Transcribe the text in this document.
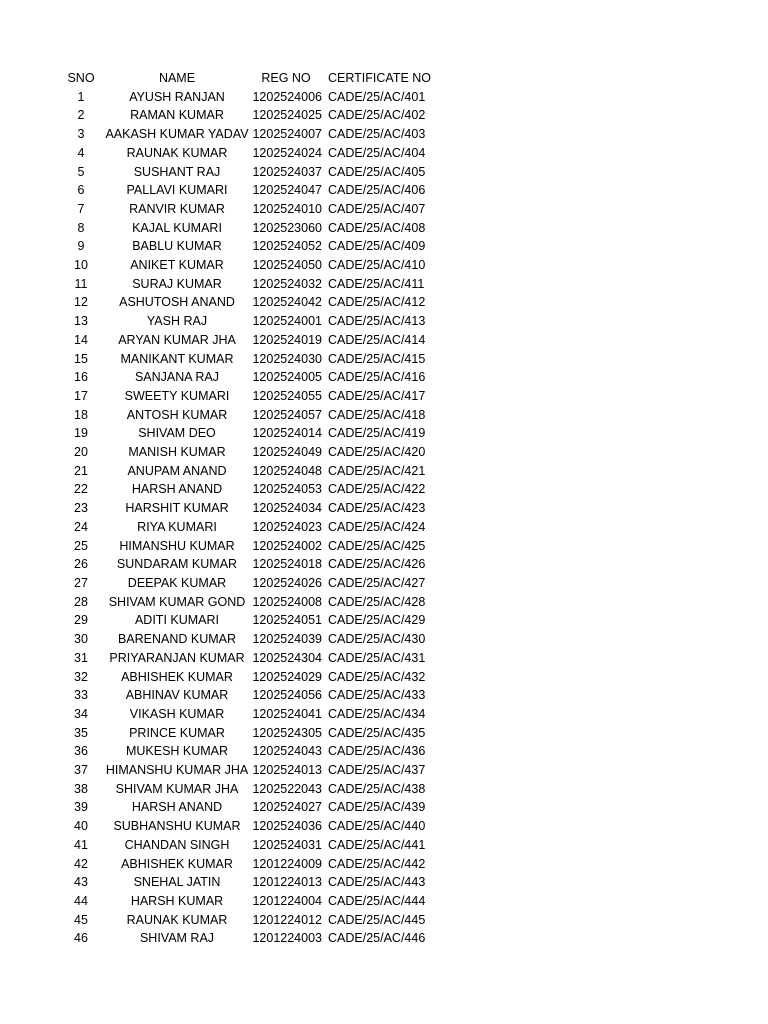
SNO	NAME	REG NO	CERTIFICATE NO
1	AYUSH RANJAN	1202524006	CADE/25/AC/401
2	RAMAN KUMAR	1202524025	CADE/25/AC/402
3	AAKASH KUMAR YADAV	1202524007	CADE/25/AC/403
4	RAUNAK KUMAR	1202524024	CADE/25/AC/404
5	SUSHANT RAJ	1202524037	CADE/25/AC/405
6	PALLAVI KUMARI	1202524047	CADE/25/AC/406
7	RANVIR KUMAR	1202524010	CADE/25/AC/407
8	KAJAL KUMARI	1202523060	CADE/25/AC/408
9	BABLU KUMAR	1202524052	CADE/25/AC/409
10	ANIKET KUMAR	1202524050	CADE/25/AC/410
11	SURAJ KUMAR	1202524032	CADE/25/AC/411
12	ASHUTOSH ANAND	1202524042	CADE/25/AC/412
13	YASH RAJ	1202524001	CADE/25/AC/413
14	ARYAN KUMAR JHA	1202524019	CADE/25/AC/414
15	MANIKANT KUMAR	1202524030	CADE/25/AC/415
16	SANJANA RAJ	1202524005	CADE/25/AC/416
17	SWEETY KUMARI	1202524055	CADE/25/AC/417
18	ANTOSH KUMAR	1202524057	CADE/25/AC/418
19	SHIVAM DEO	1202524014	CADE/25/AC/419
20	MANISH KUMAR	1202524049	CADE/25/AC/420
21	ANUPAM ANAND	1202524048	CADE/25/AC/421
22	HARSH ANAND	1202524053	CADE/25/AC/422
23	HARSHIT KUMAR	1202524034	CADE/25/AC/423
24	RIYA KUMARI	1202524023	CADE/25/AC/424
25	HIMANSHU KUMAR	1202524002	CADE/25/AC/425
26	SUNDARAM KUMAR	1202524018	CADE/25/AC/426
27	DEEPAK KUMAR	1202524026	CADE/25/AC/427
28	SHIVAM KUMAR GOND	1202524008	CADE/25/AC/428
29	ADITI KUMARI	1202524051	CADE/25/AC/429
30	BARENAND KUMAR	1202524039	CADE/25/AC/430
31	PRIYARANJAN KUMAR	1202524304	CADE/25/AC/431
32	ABHISHEK KUMAR	1202524029	CADE/25/AC/432
33	ABHINAV KUMAR	1202524056	CADE/25/AC/433
34	VIKASH KUMAR	1202524041	CADE/25/AC/434
35	PRINCE KUMAR	1202524305	CADE/25/AC/435
36	MUKESH KUMAR	1202524043	CADE/25/AC/436
37	HIMANSHU KUMAR JHA	1202524013	CADE/25/AC/437
38	SHIVAM KUMAR JHA	1202522043	CADE/25/AC/438
39	HARSH ANAND	1202524027	CADE/25/AC/439
40	SUBHANSHU KUMAR	1202524036	CADE/25/AC/440
41	CHANDAN SINGH	1202524031	CADE/25/AC/441
42	ABHISHEK KUMAR	1201224009	CADE/25/AC/442
43	SNEHAL JATIN	1201224013	CADE/25/AC/443
44	HARSH KUMAR	1201224004	CADE/25/AC/444
45	RAUNAK KUMAR	1201224012	CADE/25/AC/445
46	SHIVAM RAJ	1201224003	CADE/25/AC/446
